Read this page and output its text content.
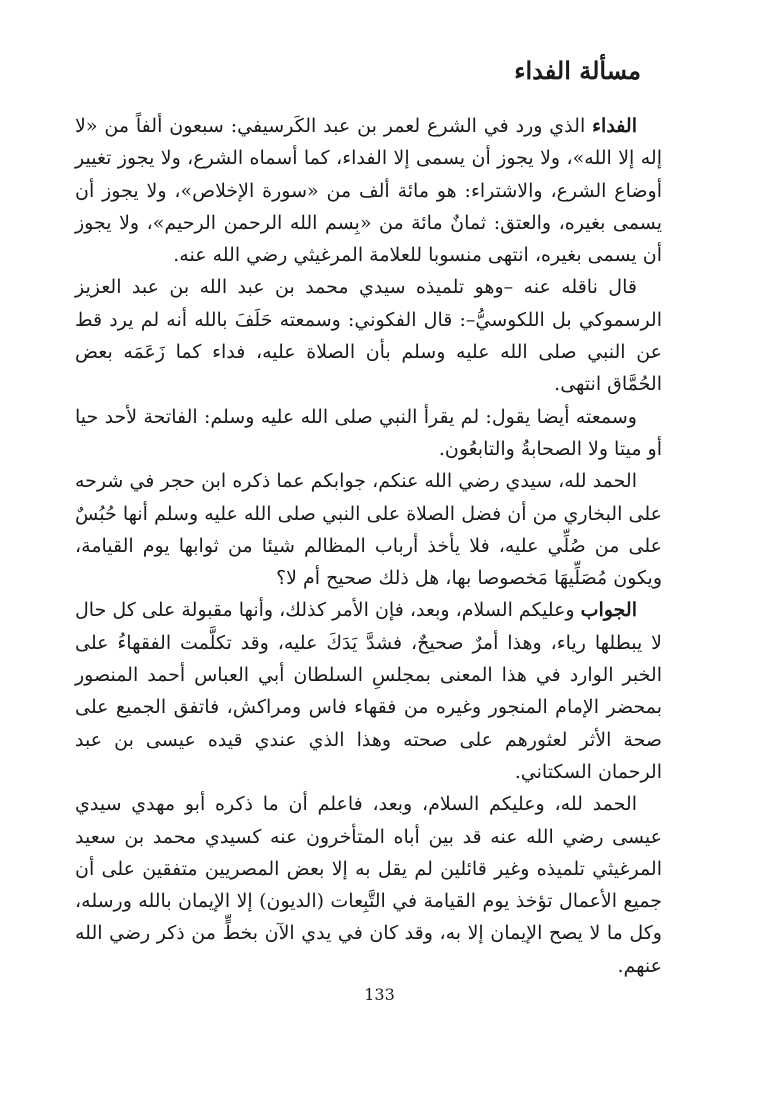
مسألة الفداء

الفداء الذي ورد في الشرع لعمر بن عبد الكَرسيفي: سبعون ألفاً من «لا إله إلا الله»، ولا يجوز أن يسمى إلا الفداء، كما أسماه الشرع، ولا يجوز تغيير أوضاع الشرع، والاشتراء: هو مائة ألف من «سورة الإخلاص»، ولا يجوز أن يسمى بغيره، والعتق: ثمانٌ مائة من «بِسم الله الرحمن الرحيم»، ولا يجوز أن يسمى بغيره، انتهى منسوبا للعلامة المرغيثي رضي الله عنه.

قال ناقله عنه –وهو تلميذه سيدي محمد بن عبد الله بن عبد العزيز الرسموكي بل اللكوسيُّ–: قال الفكوني: وسمعته حَلَفَ بالله أنه لم يرد قط عن النبي صلى الله عليه وسلم بأن الصلاة عليه، فداء كما زَعَمَه بعض الحُمَّاق انتهى.

وسمعته أيضا يقول: لم يقرأ النبي صلى الله عليه وسلم: الفاتحة لأحد حيا أو ميتا ولا الصحابةُ والتابعُون.

الحمد لله، سيدي رضي الله عنكم، جوابكم عما ذكره ابن حجر في شرحه على البخاري من أن فضل الصلاة على النبي صلى الله عليه وسلم أنها حُبُسٌ على من صُلِّي عليه، فلا يأخذ أرباب المظالم شيئا من ثوابها يوم القيامة، ويكون مُصَلِّيهَا مَخصوصا بها، هل ذلك صحيح أم لا؟

الجواب وعليكم السلام، وبعد، فإن الأمر كذلك، وأنها مقبولة على كل حال لا يبطلها رياء، وهذا أمرٌ صحيحٌ، فشدَّ يَدَكَ عليه، وقد تكلَّمت الفقهاءُ على الخبر الوارد في هذا المعنى بمجلسِ السلطان أبي العباس أحمد المنصور بمحضر الإمام المنجور وغيره من فقهاء فاس ومراكش، فاتفق الجميع على صحة الأثر لعثورهم على صحته وهذا الذي عندي قيده عيسى بن عبد الرحمان السكتاني.

الحمد لله، وعليكم السلام، وبعد، فاعلم أن ما ذكره أبو مهدي سيدي عيسى رضي الله عنه قد بين أباه المتأخرون عنه كسيدي محمد بن سعيد المرغيثي تلميذه وغير قائلين لم يقل به إلا بعض المصريين متفقين على أن جميع الأعمال تؤخذ يوم القيامة في التَّبِعات (الديون) إلا الإيمان بالله ورسله، وكل ما لا يصح الإيمان إلا به، وقد كان في يدي الآن بخطٍّ من ذكر رضي الله عنهم.

133
